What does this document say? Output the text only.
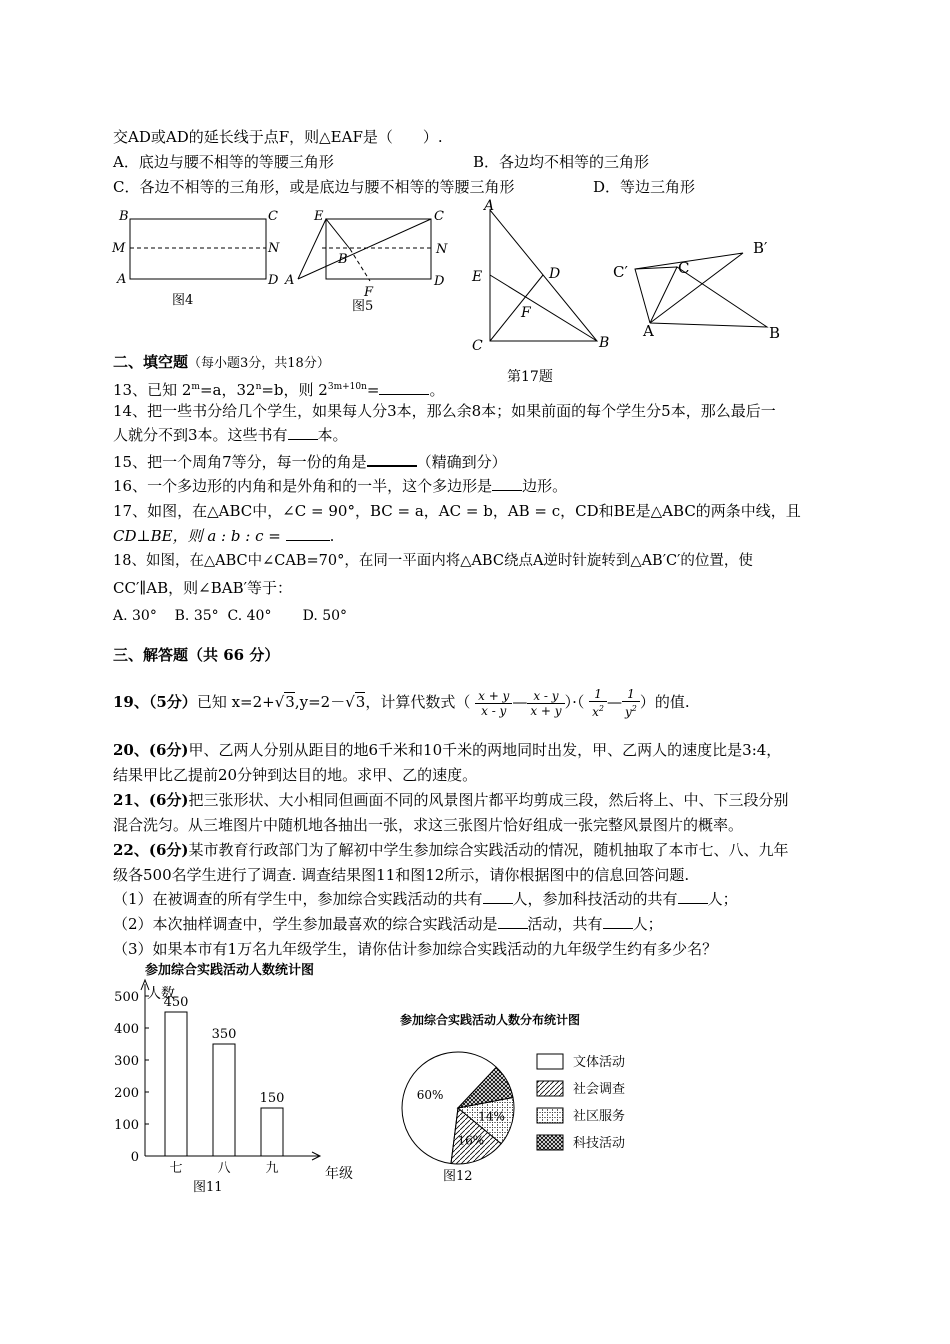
交AD或AD的延长线于点F，则△EAF是（　　）.
A．底边与腰不相等的等腰三角形	B．各边均不相等的三角形
C．各边不相等的三角形，或是底边与腰不相等的等腰三角形	D．等边三角形
B	C
M	N
A	D
图4
E	C
N
B
A
F
D
图5
A
E	D
F
C	B
第17题
B′
C′	C
A	B
二、填空题（每小题3分，共18分）
13、已知 $2^m=a$，$32^n=b$，则 $2^{3m+10n}=$	。
14、把一些书分给几个学生，如果每人分3本，那么余8本；如果前面的每个学生分5本，那么最后一
人就分不到3本。这些书有 本。
15、把一个周角7等分，每一份的角是	（精确到分）
16、一个多边形的内角和是外角和的一半，这个多边形是 边形。
17、如图，在△ABC中，∠C = 90°，BC = a，AC = b，AB = c，CD和BE是△ABC的两条中线，且
CD⊥BE，则 a : b : c =	.
18、如图，在△ABC中∠CAB=70°，在同一平面内将△ABC绕点A逆时针旋转到△AB′C′的位置，使
CC′∥AB，则∠BAB′等于：
A. 30°    B. 35°  C. 40°       D. 50°
三、解答题（共 66 分）
19、（5分）已知 x=2+√3,y=2－√3，计算代数式（ $\frac{x + y}{x - y}$ — $\frac{x - y}{x + y}$ ）·（ $\frac{1}{x^2}$ — $\frac{1}{y^2}$ ）的值.
20、(6分)甲、乙两人分别从距目的地6千米和10千米的两地同时出发，甲、乙两人的速度比是3:4，
结果甲比乙提前20分钟到达目的地。求甲、乙的速度。
21、(6分)把三张形状、大小相同但画面不同的风景图片都平均剪成三段，然后将上、中、下三段分别
混合洗匀。从三堆图片中随机地各抽出一张，求这三张图片恰好组成一张完整风景图片的概率。
22、(6分)某市教育行政部门为了解初中学生参加综合实践活动的情况，随机抽取了本市七、八、九年
级各500名学生进行了调查. 调查结果图11和图12所示，请你根据图中的信息回答问题.
（1）在被调查的所有学生中，参加综合实践活动的共有 人，参加科技活动的共有 人；
（2）本次抽样调查中，学生参加最喜欢的综合实践活动是 活动，共有 人；
（3）如果本市有1万名九年级学生，请你估计参加综合实践活动的九年级学生约有多少名？
参加综合实践活动人数统计图
人数
年级
图11
0
100
200
300
400
500 450
七
350
八
150
九
参加综合实践活动人数分布统计图
图12
60%
16%
14%
文体活动
社会调查
社区服务
科技活动
